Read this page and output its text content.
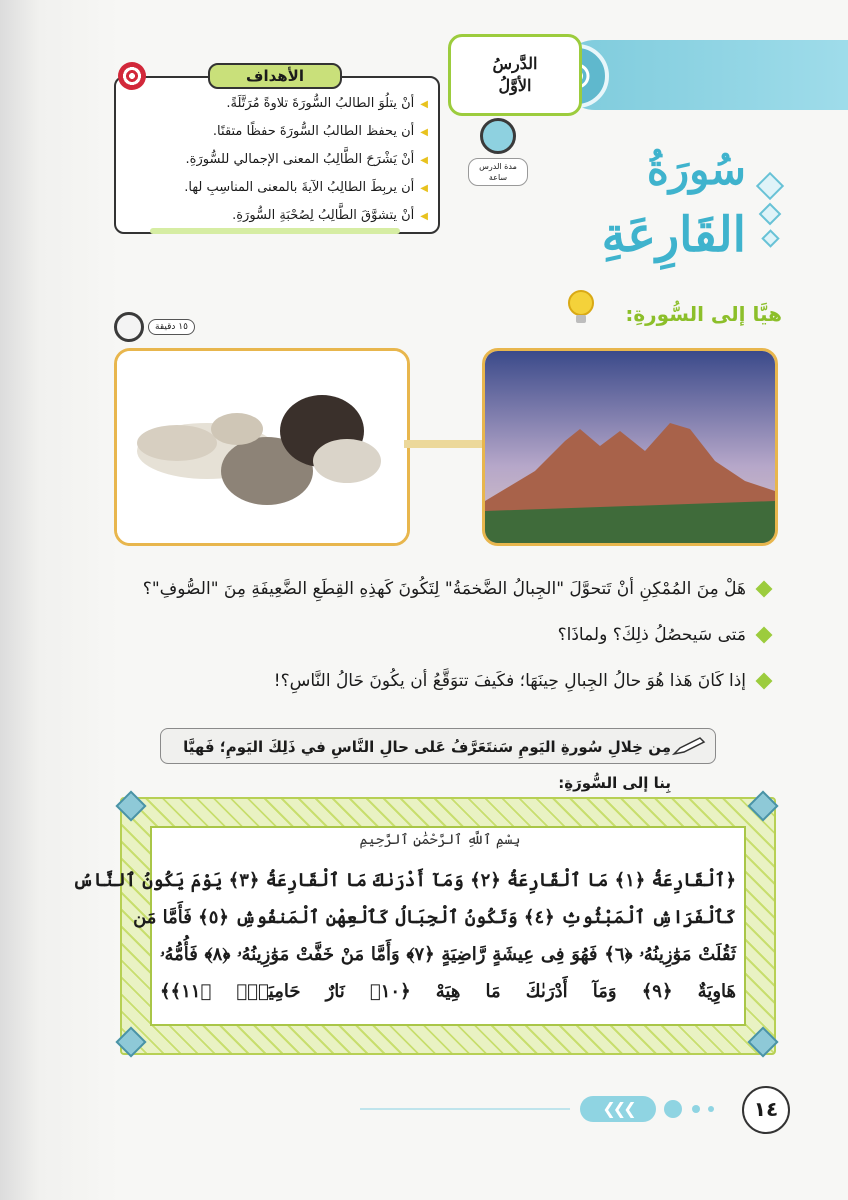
الدَّرسُ
الأوَّلُ
مدة الدرس ساعة
الأهداف
◀ أنْ يتلُوَ الطالبُ السُّورَةَ تلاوةً مُرَتَّلَةً.
◀ أن يحفظ الطالبُ السُّورَةَ حفظًا متقنًا.
◀ أنْ يَشْرَحَ الطَّالِبُ المعنى الإجمالي للسُّورَةِ.
◀ أن يربِطَ الطالِبُ الآيةَ بالمعنى المناسِبِ لها.
◀ أنْ يتشوَّقَ الطَّالِبُ لِصُحْبَةِ السُّورَةِ.
سُورَةُ
القَارِعَةِ
هيَّا إلى السُّورةِ:
١٥ دقيقة
هَلْ مِنَ المُمْكِنِ أنْ تَتحوَّلَ "الجِبالُ الضَّخمَةُ" لِتَكُونَ كَهذِهِ القِطَعِ الضَّعِيفَةِ مِنَ "الصُّوفِ"؟
مَتى سَيحصُلُ ذلِكَ؟ ولماذَا؟
إذا كَانَ هَذا هُوَ حالُ الجِبالِ حِينَهَا؛ فكَيفَ تتوَقَّعُ أن يكُونَ حَالُ النَّاسِ؟!
مِن خِلالِ سُورةِ اليَومِ سَنتَعَرَّفُ عَلى حالِ النَّاسِ في ذَلِكَ اليَومِ؛ فَهيَّا بِنا إلى السُّورَةِ:
بِسْمِ ٱللَّهِ ٱلرَّحْمَٰنِ ٱلرَّحِيمِ
﴿ٱلْقَارِعَةُ ﴿١﴾ مَا ٱلْقَارِعَةُ ﴿٢﴾ وَمَآ أَدْرَىٰكَ مَا ٱلْقَارِعَةُ ﴿٣﴾ يَوْمَ يَكُونُ ٱلنَّاسُ
كَٱلْفَرَاشِ ٱلْمَبْثُوثِ ﴿٤﴾ وَتَكُونُ ٱلْجِبَالُ كَٱلْعِهْنِ ٱلْمَنفُوشِ ﴿٥﴾ فَأَمَّا مَن
ثَقُلَتْ مَوَٰزِينُهُۥ ﴿٦﴾ فَهُوَ فِى عِيشَةٍ رَّاضِيَةٍ ﴿٧﴾ وَأَمَّا مَنْ خَفَّتْ مَوَٰزِينُهُۥ ﴿٨﴾ فَأُمُّهُۥ
هَاوِيَةٌ ﴿٩﴾ وَمَآ أَدْرَىٰكَ مَا هِيَهْ ﴿١٠﴾ نَارٌ حَامِيَةٌۢ ﴿١١﴾﴾
❮❮❮	١٤
